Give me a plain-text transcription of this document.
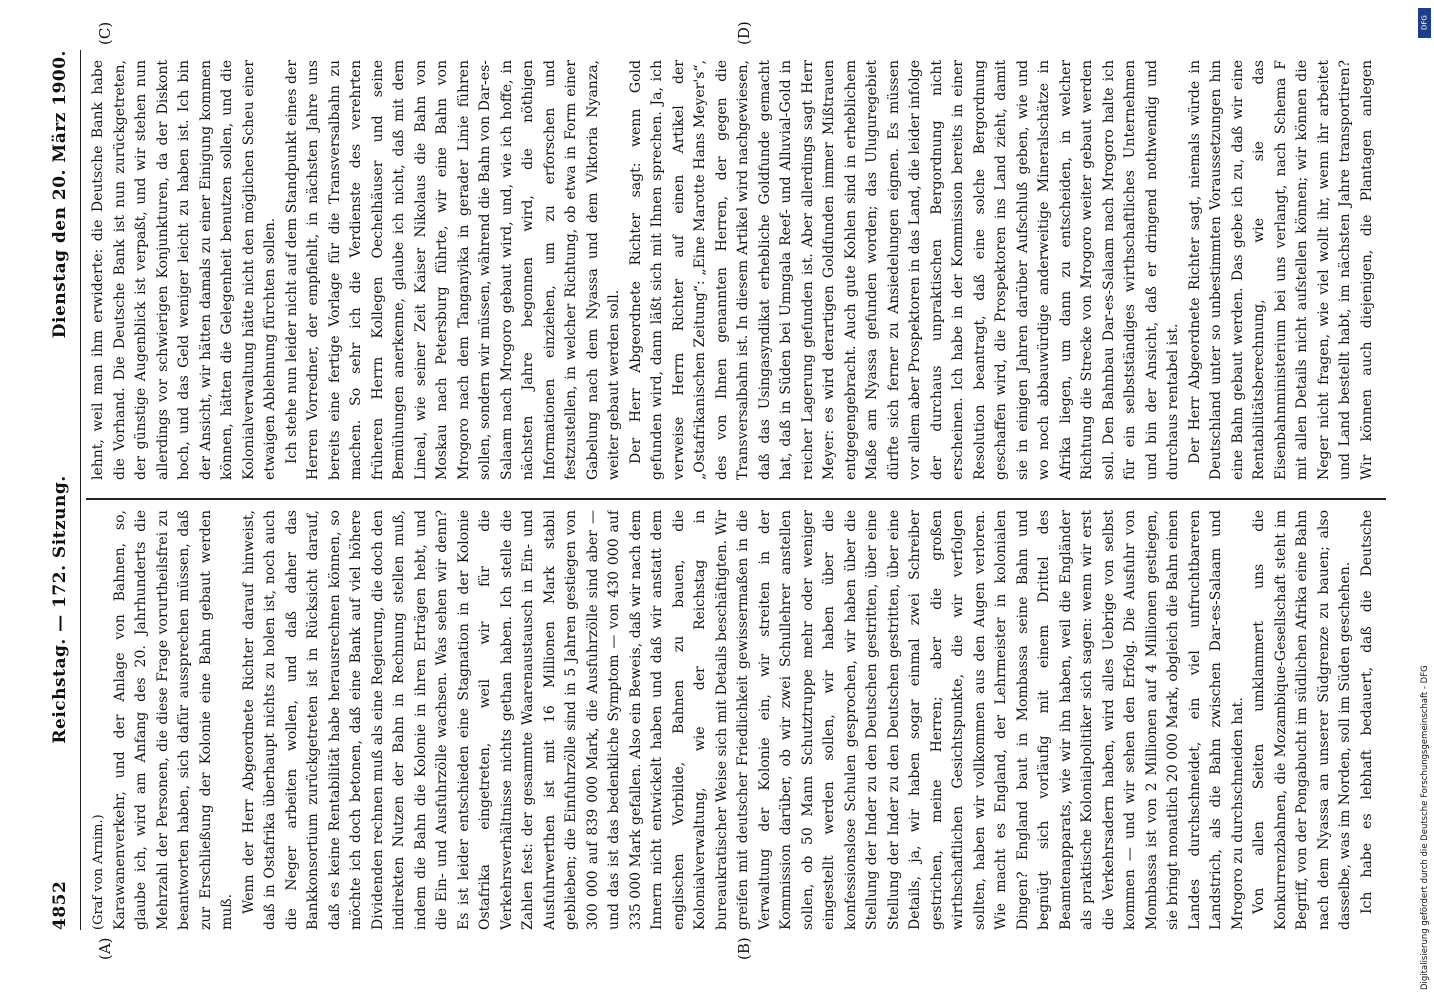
4852
Reichstag. — 172. Sitzung.
Dienstag den 20. März 1900.
(A)	(B)
(C)	(D)

(Graf von Arnim.) Karawanenverkehr, und der Anlage von Bahnen, so, glaube ich, wird am Anfang des 20. Jahrhunderts die Mehrzahl der Personen, die diese Frage vorurtheilsfrei zu beantworten haben, sich dafür aussprechen müssen, daß zur Erschließung der Kolonie eine Bahn gebaut werden muß. Wenn der Herr Abgeordnete Richter darauf hinweist, daß in Ostafrika überhaupt nichts zu holen ist, noch auch die Neger arbeiten wollen, und daß daher das Bankkonsortium zurückgetreten ist in Rücksicht darauf, daß es keine Rentabilität habe herausrechnen können, so möchte ich doch betonen, daß eine Bank auf viel höhere Dividenden rechnen muß als eine Regierung, die doch den indirekten Nutzen der Bahn in Rechnung stellen muß, indem die Bahn die Kolonie in ihren Erträgen hebt, und die Ein- und Ausfuhrzölle wachsen. Was sehen wir denn? Es ist leider entschieden eine Stagnation in der Kolonie Ostafrika eingetreten, weil wir für die Verkehrsverhältnisse nichts gethan haben. Ich stelle die Zahlen fest: der gesammte Waarenaustausch in Ein- und Ausfuhrwerthen ist mit 16 Millionen Mark stabil geblieben; die Einfuhrzölle sind in 5 Jahren gestiegen von 300 000 auf 839 000 Mark, die Ausfuhrzölle sind aber — und das ist das bedenkliche Symptom — von 430 000 auf 335 000 Mark gefallen. Also ein Beweis, daß wir nach dem Innern nicht entwickelt haben und daß wir anstatt dem englischen Vorbilde, Bahnen zu bauen, die Kolonialverwaltung, wie der Reichstag in bureaukratischer Weise sich mit Details beschäftigten. Wir greifen mit deutscher Friedlichkeit gewissermaßen in die Verwaltung der Kolonie ein, wir streiten in der Kommission darüber, ob wir zwei Schullehrer anstellen sollen, ob 50 Mann Schutztruppe mehr oder weniger eingestellt werden sollen, wir haben über die konfessionslose Schulen gesprochen, wir haben über die Stellung der Inder zu den Deutschen gestritten, über eine Stellung der Inder zu den Deutschen gestritten, über eine Details, ja, wir haben sogar einmal zwei Schreiber gestrichen, meine Herren; aber die großen wirthschaftlichen Gesichtspunkte, die wir verfolgen sollten, haben wir vollkommen aus den Augen verloren. Wie macht es England, der Lehrmeister in kolonialen Dingen? England baut in Mombassa seine Bahn und begnügt sich vorläufig mit einem Drittel des Beamtenapparats, wie wir ihn haben, weil die Engländer als praktische Kolonialpolitiker sich sagen: wenn wir erst die Verkehrsadern haben, wird alles Uebrige von selbst kommen — und wir sehen den Erfolg. Die Ausfuhr von Mombassa ist von 2 Millionen auf 4 Millionen gestiegen, sie bringt monatlich 20 000 Mark, obgleich die Bahn einen Landes durchschneidet, ein viel unfruchtbareren Landstrich, als die Bahn zwischen Dar-es-Salaam und Mrogoro zu durchschneiden hat. Von allen Seiten umklammert uns die Konkurrenzbahnen, die Mozambique-Gesellschaft steht im Begriff, von der Pongabucht im südlichen Afrika eine Bahn nach dem Nyassa an unserer Südgrenze zu bauen; also dasselbe, was im Norden, soll im Süden geschehen. Ich habe es lebhaft bedauert, daß die Deutsche

lehnt, weil man ihm erwiderte: die Deutsche Bank habe die Vorhand. Die Deutsche Bank ist nun zurückgetreten, der günstige Augenblick ist verpaßt, und wir stehen nun allerdings vor schwierigen Konjunkturen, da der Diskont hoch, und das Geld weniger leicht zu haben ist. Ich bin der Ansicht, wir hätten damals zu einer Einigung kommen können, hätten die Gelegenheit benutzen sollen, und die Kolonialverwaltung hätte nicht den möglichen Scheu einer etwaigen Ablehnung fürchten sollen. Ich stehe nun leider nicht auf dem Standpunkt eines der Herren Vorredner, der empfiehlt, in nächsten Jahre uns bereits eine fertige Vorlage für die Transversalbahn zu machen. So sehr ich die Verdienste des verehrten früheren Herrn Kollegen Oechelhäuser und seine Bemühungen anerkenne, glaube ich nicht, daß mit dem Lineal, wie seiner Zeit Kaiser Nikolaus die Bahn von Moskau nach Petersburg führte, wir eine Bahn von Mrogoro nach dem Tanganyika in gerader Linie führen sollen, sondern wir müssen, während die Bahn von Dar-es-Salaam nach Mrogoro gebaut wird, und, wie ich hoffe, in nächsten Jahre begonnen wird, die nöthigen Informationen einziehen, um zu erforschen und festzustellen, in welcher Richtung, ob etwa in Form einer Gabelung nach dem Nyassa und dem Viktoria Nyanza, weiter gebaut werden soll. Der Herr Abgeordnete Richter sagt: wenn Gold gefunden wird, dann läßt sich mit Ihnen sprechen. Ja, ich verweise Herrn Richter auf einen Artikel der „Ostafrikanischen Zeitung“: „Eine Marotte Hans Meyer's“, des von Ihnen genannten Herren, der gegen die Transversalbahn ist. In diesem Artikel wird nachgewiesen, daß das Usingasyndikat erhebliche Goldfunde gemacht hat, daß in Süden bei Umngala Reef- und Alluvial-Gold in reicher Lagerung gefunden ist. Aber allerdings sagt Herr Meyer: es wird derartigen Goldfunden immer Mißtrauen entgegengebracht. Auch gute Kohlen sind in erheblichem Maße am Nyassa gefunden worden; das Uluguregebiet dürfte sich ferner zu Ansiedelungen eignen. Es müssen vor allem aber Prospektoren in das Land, die leider infolge der durchaus unpraktischen Bergordnung nicht erscheinen. Ich habe in der Kommission bereits in einer Resolution beantragt, daß eine solche Bergordnung geschaffen wird, die Prospektoren ins Land zieht, damit sie in einigen Jahren darüber Aufschluß geben, wie und wo noch abbauwürdige anderweitige Mineralschätze in Afrika liegen, um dann zu entscheiden, in welcher Richtung die Strecke von Mrogoro weiter gebaut werden soll. Den Bahnbau Dar-es-Salaam nach Mrogoro halte ich für ein selbstständiges wirthschaftliches Unternehmen und bin der Ansicht, daß er dringend nothwendig und durchaus rentabel ist. Der Herr Abgeordnete Richter sagt, niemals würde in Deutschland unter so unbestimmten Voraussetzungen hin eine Bahn gebaut werden. Das gebe ich zu, daß wir eine Rentabilitätsberechnung, wie sie das Eisenbahnministerium bei uns verlangt, nach Schema F mit allen Details nicht aufstellen können; wir können die Neger nicht fragen, wie viel wollt ihr, wenn ihr arbeitet und Land bestellt habt, im nächsten Jahre transportiren? Wir können auch diejenigen, die Plantagen anlegen

DFG
Digitalisierung gefördert durch die Deutsche Forschungsgemeinschaft - DFG
